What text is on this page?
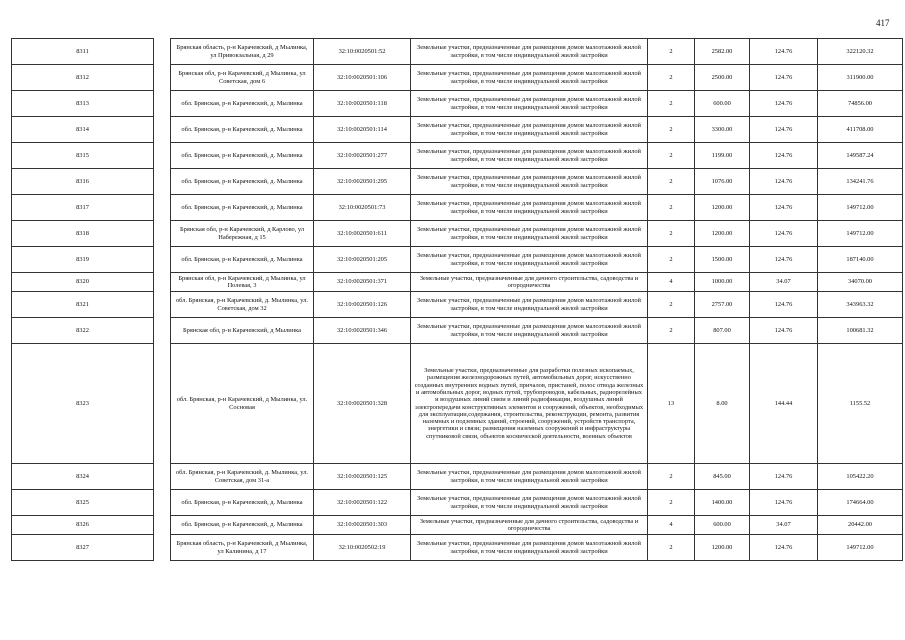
417
8311		Брянская область, р-н Карачевский, д Мылинка, ул Привокзальная, д 29	32:10:0020501:52	Земельные участки, предназначенные для размещения домов малоэтажной жилой застройки, в том числе индивидуальной жилой застройки	2	2582.00	124.76	322120.32
8312		Брянская обл, р-н Карачевский, д Мылинка, ул Советская, дом 6	32:10:0020501:106	Земельные участки, предназначенные для размещения домов малоэтажной жилой застройки, в том числе индивидуальной жилой застройки	2	2500.00	124.76	311900.00
8313		обл. Брянская, р-н Карачевский, д. Мылинка	32:10:0020501:118	Земельные участки, предназначенные для размещения домов малоэтажной жилой застройки, в том числе индивидуальной жилой застройки	2	600.00	124.76	74856.00
8314		обл. Брянская, р-н Карачевский, д. Мылинка	32:10:0020501:114	Земельные участки, предназначенные для размещения домов малоэтажной жилой застройки, в том числе индивидуальной жилой застройки	2	3300.00	124.76	411708.00
8315		обл. Брянская, р-н Карачевский, д. Мылинка	32:10:0020501:277	Земельные участки, предназначенные для размещения домов малоэтажной жилой застройки, в том числе индивидуальной жилой застройки	2	1199.00	124.76	149587.24
8316		обл. Брянская, р-н Карачевский, д. Мылинка	32:10:0020501:295	Земельные участки, предназначенные для размещения домов малоэтажной жилой застройки, в том числе индивидуальной жилой застройки	2	1076.00	124.76	134241.76
8317		обл. Брянская, р-н Карачевский, д. Мылинка	32:10:0020501:73	Земельные участки, предназначенные для размещения домов малоэтажной жилой застройки, в том числе индивидуальной жилой застройки	2	1200.00	124.76	149712.00
8318		Брянская обл, р-н Карачевский, д Карлово, ул Набережная, д 15	32:10:0020501:611	Земельные участки, предназначенные для размещения домов малоэтажной жилой застройки, в том числе индивидуальной жилой застройки	2	1200.00	124.76	149712.00
8319		обл. Брянская, р-н Карачевский, д. Мылинка	32:10:0020501:205	Земельные участки, предназначенные для размещения домов малоэтажной жилой застройки, в том числе индивидуальной жилой застройки	2	1500.00	124.76	187140.00
8320		Брянская обл, р-н Карачевский, д Мылинка, ул Полевая, 3	32:10:0020501:371	Земельные участки, предназначенные для дачного строительства, садоводства и огородничества	4	1000.00	34.07	34070.00
8321		обл. Брянская, р-н Карачевский, д. Мылинка, ул. Советская, дом 32	32:10:0020501:126	Земельные участки, предназначенные для размещения домов малоэтажной жилой застройки, в том числе индивидуальной жилой застройки	2	2757.00	124.76	343963.32
8322		Брянская обл, р-н Карачевский, д Мылинка	32:10:0020501:346	Земельные участки, предназначенные для размещения домов малоэтажной жилой застройки, в том числе индивидуальной жилой застройки	2	807.00	124.76	100681.32
8323		обл. Брянская, р-н Карачевский, д Мылинка, ул. Сосновая	32:10:0020501:328	Земельные участки, предназначенные для разработки полезных ископаемых, размещения железнодорожных путей, автомобильных дорог, искусственно созданных внутренних водных путей, причалов, пристаней, полос отвода железных и автомобильных дорог, водных путей, трубопроводов, кабельных, радиорелейных и воздушных линий связи и линий радиофикации, воздушных линий электропередачи конструктивных элементов и сооружений, объектов, необходимых для эксплуатации,содержания, строительства, реконструкции, ремонта, развития наземных и подземных зданий, строений, сооружений, устройств транспорта, энергетики и связи; размещения наземных сооружений и инфраструктуры спутниковой связи, объектов космической деятельности, военных объектов	13	8.00	144.44	1155.52
8324		обл. Брянская, р-н Карачевский, д. Мылинка, ул. Советская, дом 31-а	32:10:0020501:125	Земельные участки, предназначенные для размещения домов малоэтажной жилой застройки, в том числе индивидуальной жилой застройки	2	845.00	124.76	105422.20
8325		обл. Брянская, р-н Карачевский, д. Мылинка	32:10:0020501:122	Земельные участки, предназначенные для размещения домов малоэтажной жилой застройки, в том числе индивидуальной жилой застройки	2	1400.00	124.76	174664.00
8326		обл. Брянская, р-н Карачевский, д. Мылинка	32:10:0020501:303	Земельные участки, предназначенные для дачного строительства, садоводства и огородничества	4	600.00	34.07	20442.00
8327		Брянская область, р-н Карачевский, д Мылинка, ул Калинина, д 17	32:10:0020502:19	Земельные участки, предназначенные для размещения домов малоэтажной жилой застройки, в том числе индивидуальной жилой застройки	2	1200.00	124.76	149712.00
